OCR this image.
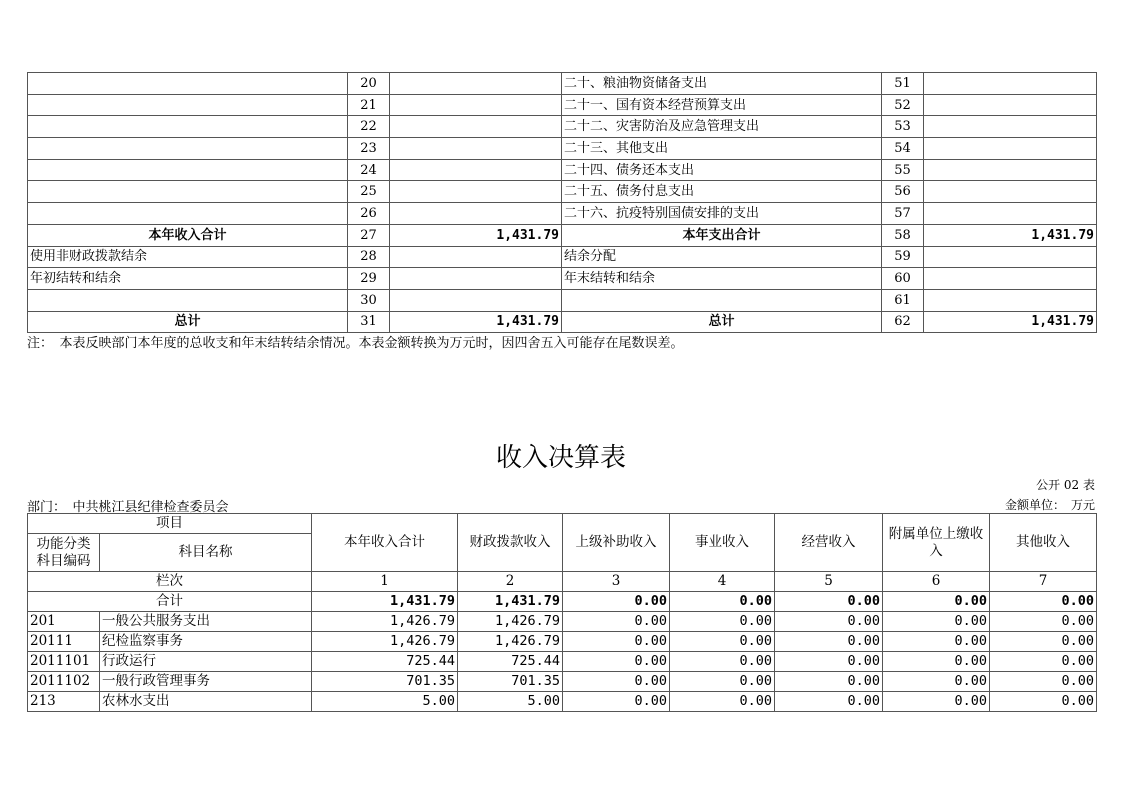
	20		二十、粮油物资储备支出	51	
	21		二十一、国有资本经营预算支出	52	
	22		二十二、灾害防治及应急管理支出	53	
	23		二十三、其他支出	54	
	24		二十四、债务还本支出	55	
	25		二十五、债务付息支出	56	
	26		二十六、抗疫特别国债安排的支出	57	
本年收入合计	27	1,431.79	本年支出合计	58	1,431.79
使用非财政拨款结余	28		结余分配	59	
年初结转和结余	29		年末结转和结余	60	
	30			61	
总计	31	1,431.79	总计	62	1,431.79
注：　本表反映部门本年度的总收支和年末结转结余情况。本表金额转换为万元时，因四舍五入可能存在尾数误差。
收入决算表
公开 02 表
部门：　中共桃江县纪律检查委员会	金额单位：　万元
项目		本年收入合计	财政拨款收入	上级补助收入	事业收入	经营收入	附属单位上缴收入	其他收入
功能分类科目编码	科目名称							
栏次		1	2	3	4	5	6	7
合计		1,431.79	1,431.79	0.00	0.00	0.00	0.00	0.00
201	一般公共服务支出	1,426.79	1,426.79	0.00	0.00	0.00	0.00	0.00
20111	纪检监察事务	1,426.79	1,426.79	0.00	0.00	0.00	0.00	0.00
2011101	行政运行	725.44	725.44	0.00	0.00	0.00	0.00	0.00
2011102	一般行政管理事务	701.35	701.35	0.00	0.00	0.00	0.00	0.00
213	农林水支出	5.00	5.00	0.00	0.00	0.00	0.00	0.00
